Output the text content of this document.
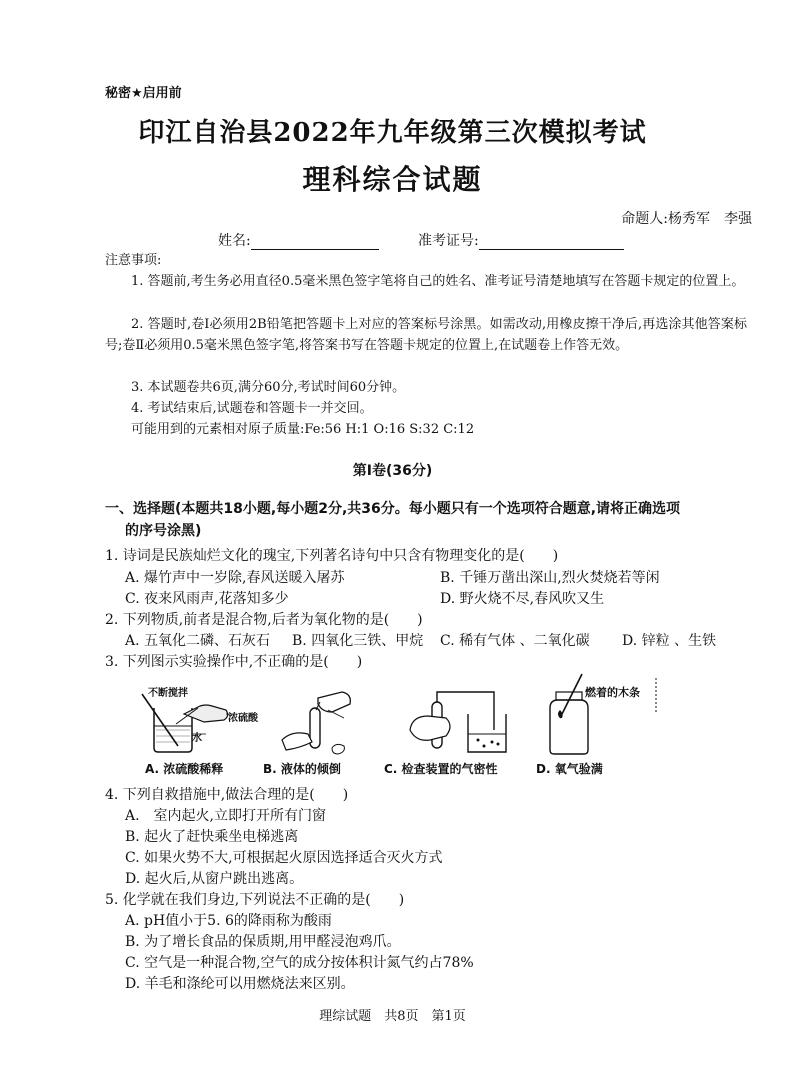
秘密★启用前
印江自治县2022年九年级第三次模拟考试
理科综合试题
命题人:杨秀军　李强
姓名:	准考证号:
注意事项:
1. 答题前,考生务必用直径0.5毫米黑色签字笔将自己的姓名、准考证号清楚地填写在答题卡规定的位置上。
2. 答题时,卷Ⅰ必须用2B铅笔把答题卡上对应的答案标号涂黑。如需改动,用橡皮擦干净后,再选涂其他答案标号;卷Ⅱ必须用0.5毫米黑色签字笔,将答案书写在答题卡规定的位置上,在试题卷上作答无效。
3. 本试题卷共6页,满分60分,考试时间60分钟。
4. 考试结束后,试题卷和答题卡一并交回。
可能用到的元素相对原子质量:Fe:56 H:1 O:16 S:32 C:12
第Ⅰ卷(36分)
一、选择题(本题共18小题,每小题2分,共36分。每小题只有一个选项符合题意,请将正确选项
的序号涂黑)
1. 诗词是民族灿烂文化的瑰宝,下列著名诗句中只含有物理变化的是(　　)
A. 爆竹声中一岁除,春风送暖入屠苏	B. 千锤万凿出深山,烈火焚烧若等闲
C. 夜来风雨声,花落知多少	D. 野火烧不尽,春风吹又生
2. 下列物质,前者是混合物,后者为氧化物的是(　　)
A. 五氧化二磷、石灰石 B. 四氧化三铁、甲烷 C. 稀有气体 、二氧化碳 D. 锌粒 、生铁
3. 下列图示实验操作中,不正确的是(　　)
不断搅拌
浓硫酸
水
燃着的木条
A. 浓硫酸稀释	B. 液体的倾倒	C. 检查装置的气密性	D. 氧气验满
4. 下列自救措施中,做法合理的是(　　)
A.　室内起火,立即打开所有门窗
B. 起火了赶快乘坐电梯逃离
C. 如果火势不大,可根据起火原因选择适合灭火方式
D. 起火后,从窗户跳出逃离。
5. 化学就在我们身边,下列说法不正确的是(　　)
A. pH值小于5. 6的降雨称为酸雨
B. 为了增长食品的保质期,用甲醛浸泡鸡爪。
C. 空气是一种混合物,空气的成分按体积计氮气约占78%
D. 羊毛和涤纶可以用燃烧法来区别。
理综试题　共8页　第1页
